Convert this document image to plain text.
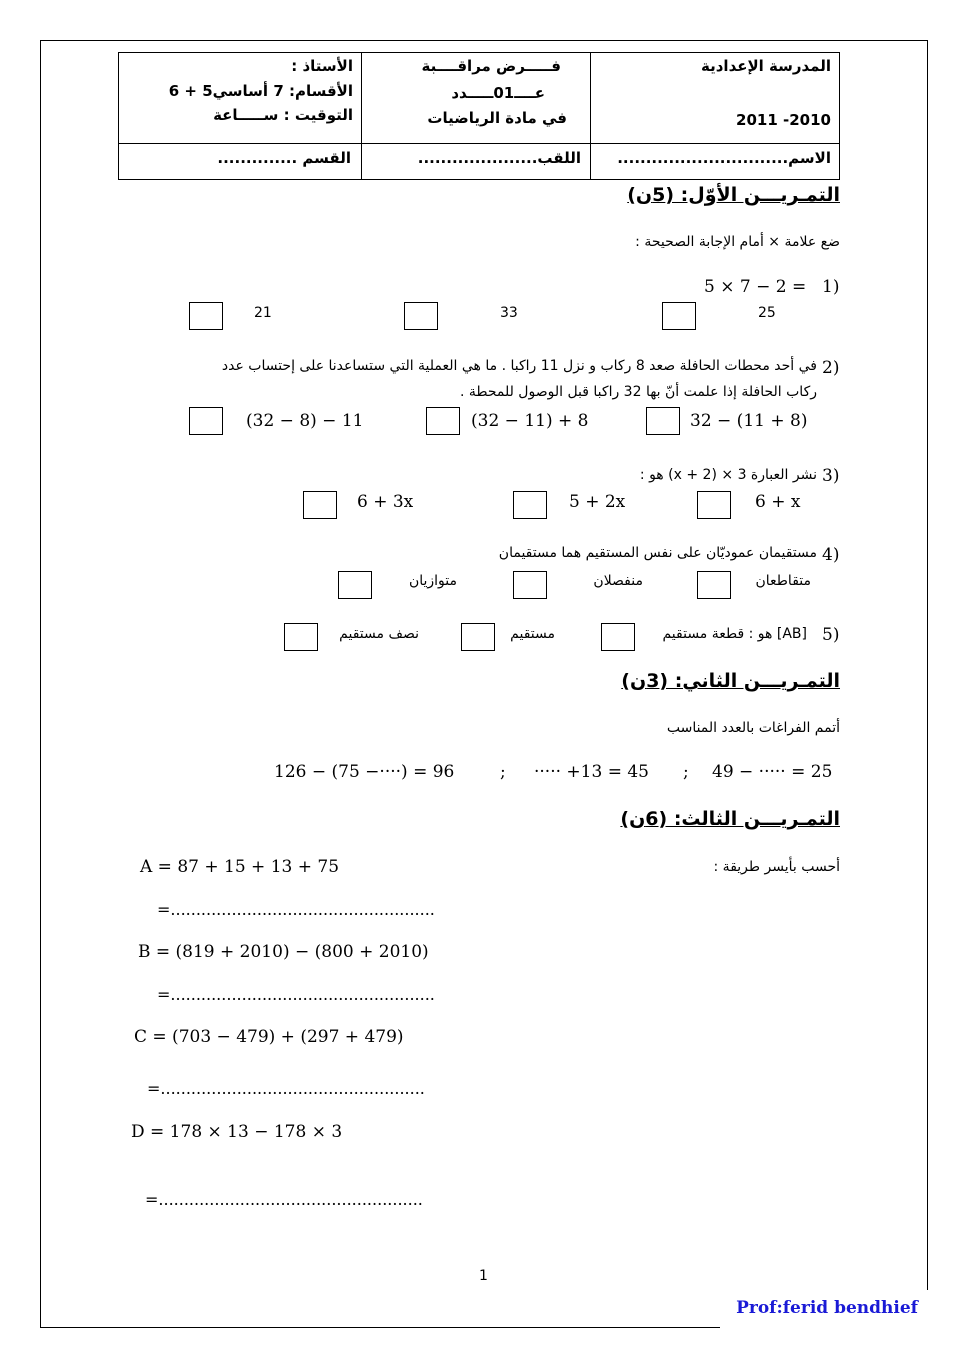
المدرسة الإعدادية
2011 -2010
فـــــرض مراقــــبة
عــــ01ـــــدد
في مادة الرياضيات
الأستاذ :
الأقسام: 7 أساسي5 + 6
التوقيت : ســـــاعة
الاسم..............................
اللقب.....................
القسم ..............
التمـريـــن الأوّل: (5ن)
ضع علامة × أمام الإجابة الصحيحة :
1)
5 × 7 − 2 =
25
33
21
2)
في أحد محطات الحافلة صعد 8 ركاب و نزل 11 راكبا . ما هي العملية التي ستساعدنا على إحتساب عدد
ركاب الحافلة إذا علمت أنّ بها 32 راكبا قبل الوصول للمحطة .
32 − (11 + 8)
(32 − 11) + 8
(32 − 8) − 11
3)
نشر العبارة 3 × (2 + x) هو :
6 + x
5 + 2x
6 + 3x
4)
مستقيمان عموديّان على نفس المستقيم هما مستقيمان
متقاطعان
منفصلان
متوازيان
5)
[AB] هو : قطعة مستقيم
مستقيم
نصف مستقيم
التمـريـــن الثاني: (3ن)
أتمم الفراغات بالعدد المناسب
49 − ····· = 25
;
····· +13 = 45
;
126 − (75 −····) = 96
التمـريـــن الثالث: (6ن)
أحسب بأيسر طريقة :
A = 87 + 15 + 13 + 75
=....................................................
B = (819 + 2010) − (800 + 2010)
=....................................................
C = (703 − 479) + (297 + 479)
=....................................................
D = 178 × 13 − 178 × 3
=....................................................
1
Prof:ferid bendhief
